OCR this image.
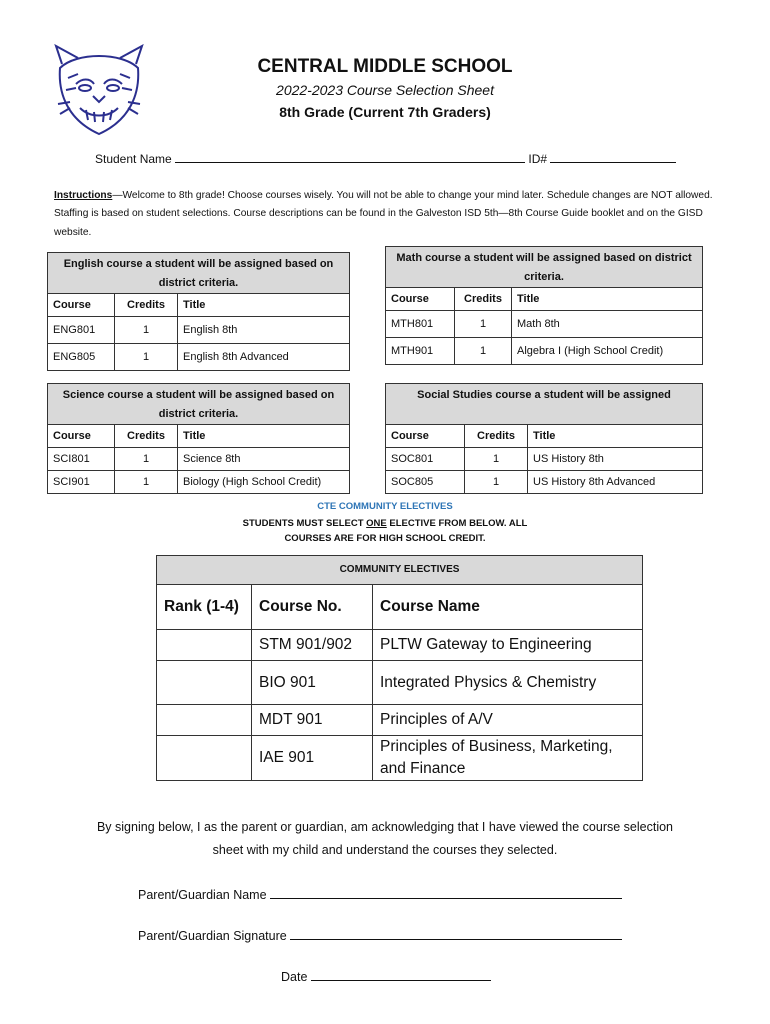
CENTRAL MIDDLE SCHOOL
2022-2023 Course Selection Sheet
8th Grade (Current 7th Graders)
Student Name	ID#
Instructions—Welcome to 8th grade! Choose courses wisely. You will not be able to change your mind later. Schedule changes are NOT allowed. Staffing is based on student selections. Course descriptions can be found in the Galveston ISD 5th—8th Course Guide booklet and on the GISD website.
English course a student will be assigned based on district criteria.		
Course	Credits	Title
ENG801	1	English 8th
ENG805	1	English 8th Advanced
Math course a student will be assigned based on district criteria.		
Course	Credits	Title
MTH801	1	Math 8th
MTH901	1	Algebra I (High School Credit)
Science course a student will be assigned based on district criteria.		
Course	Credits	Title
SCI801	1	Science 8th
SCI901	1	Biology (High School Credit)
Social Studies course a student will be assigned		
Course	Credits	Title
SOC801	1	US History 8th
SOC805	1	US History 8th Advanced
CTE COMMUNITY ELECTIVES
STUDENTS MUST SELECT ONE ELECTIVE FROM BELOW. ALL
COURSES ARE FOR HIGH SCHOOL CREDIT.
COMMUNITY ELECTIVES		
Rank (1-4)	Course No.	Course Name
	STM 901/902	PLTW Gateway to Engineering
	BIO 901	Integrated Physics & Chemistry
	MDT 901	Principles of A/V
	IAE 901	Principles of Business, Marketing, and Finance
By signing below, I as the parent or guardian, am acknowledging that I have viewed the course selection
sheet with my child and understand the courses they selected.
Parent/Guardian Name
Parent/Guardian Signature
Date
